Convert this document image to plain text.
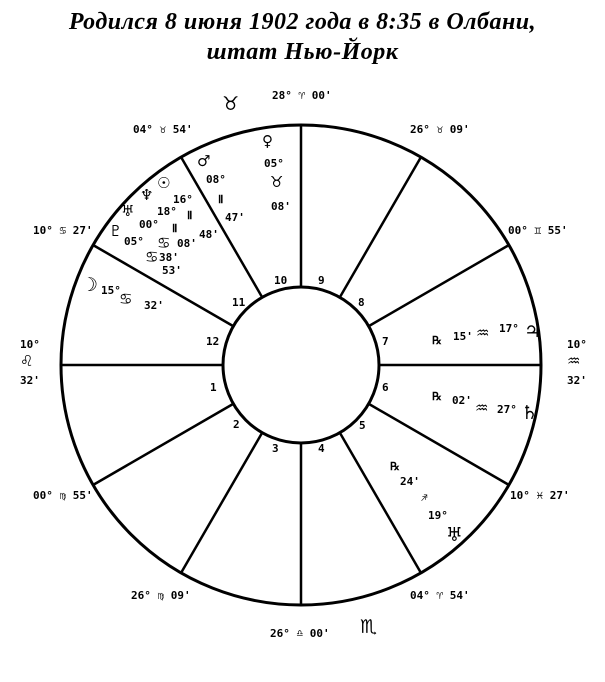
Родился 8 июня 1902 года в 8:35 в Олбани,
штат Нью-Йорк
28° ♈ 00'
26° ♉ 09'
00° ♊ 55'
10°
♒
32'
10° ♓ 27'
04° ♈ 54'
26° ♎ 00'
26° ♍ 09'
00° ♍ 55'
10°
♌
32'
10° ♋ 27'
04° ♉ 54'
♉
♏
10	9
8
7
6
5
4
3
2
1
12
11
♀
05°
♉
08'
♂
08°
Ⅱ
47'
♆ 16°
☉
18° Ⅱ
♅
00° Ⅱ 48'
♇
05° ♋ 08'
♋ 38'
53'
☽ 15°
♋ 32'
℞ 15' ♒ 17° ♃
℞ 02' ♒ 27° ♄
℞
24'
♐
19°
♅
